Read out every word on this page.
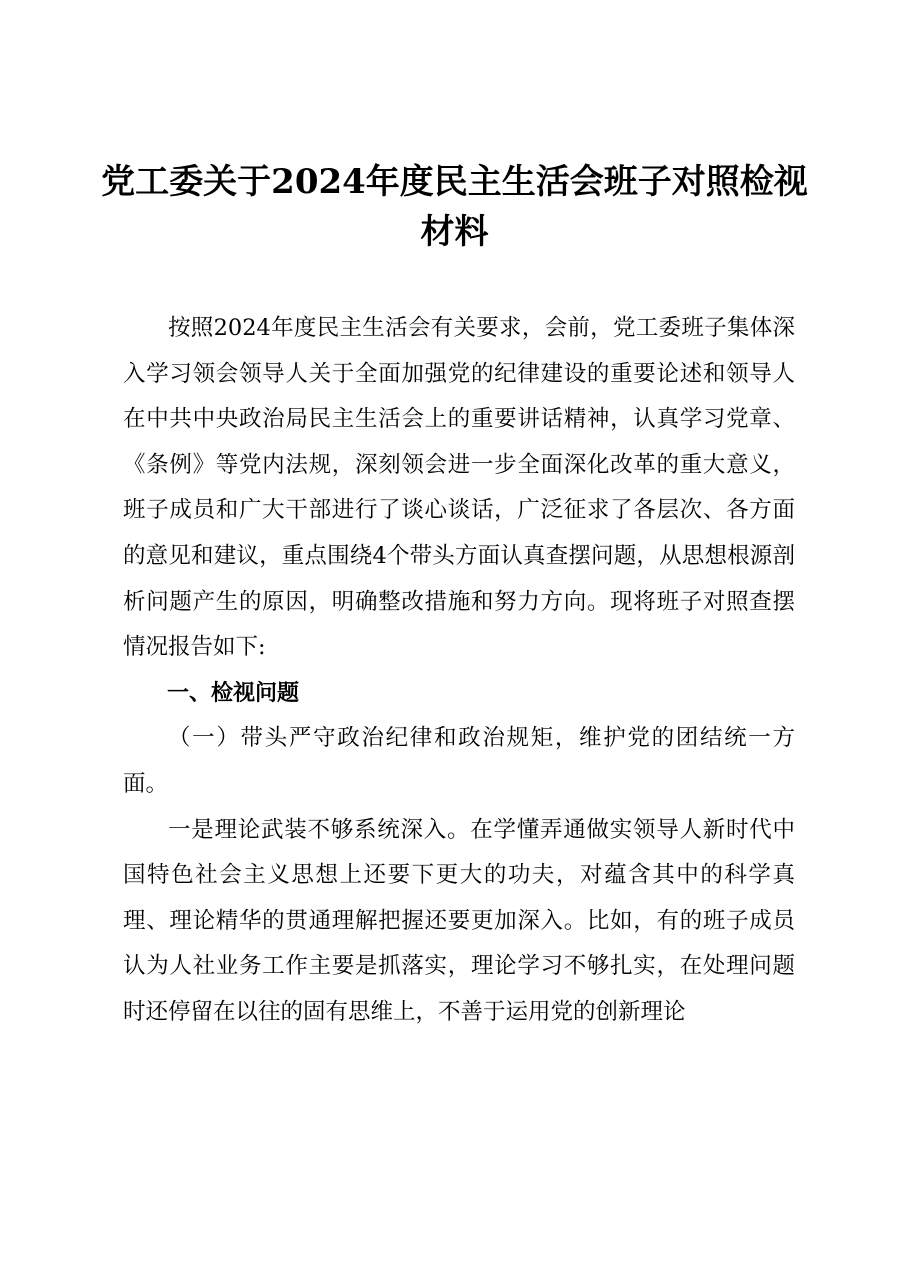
党工委关于2024年度民主生活会班子对照检视
材料

按照2024年度民主生活会有关要求，会前，党工委班子集体深入学习领会领导人关于全面加强党的纪律建设的重要论述和领导人在中共中央政治局民主生活会上的重要讲话精神，认真学习党章、《条例》等党内法规，深刻领会进一步全面深化改革的重大意义，班子成员和广大干部进行了谈心谈话，广泛征求了各层次、各方面的意见和建议，重点围绕4个带头方面认真查摆问题，从思想根源剖析问题产生的原因，明确整改措施和努力方向。现将班子对照查摆情况报告如下:

一、检视问题

（一）带头严守政治纪律和政治规矩，维护党的团结统一方面。

一是理论武装不够系统深入。在学懂弄通做实领导人新时代中国特色社会主义思想上还要下更大的功夫，对蕴含其中的科学真理、理论精华的贯通理解把握还要更加深入。比如，有的班子成员认为人社业务工作主要是抓落实，理论学习不够扎实，在处理问题时还停留在以往的固有思维上，不善于运用党的创新理论
